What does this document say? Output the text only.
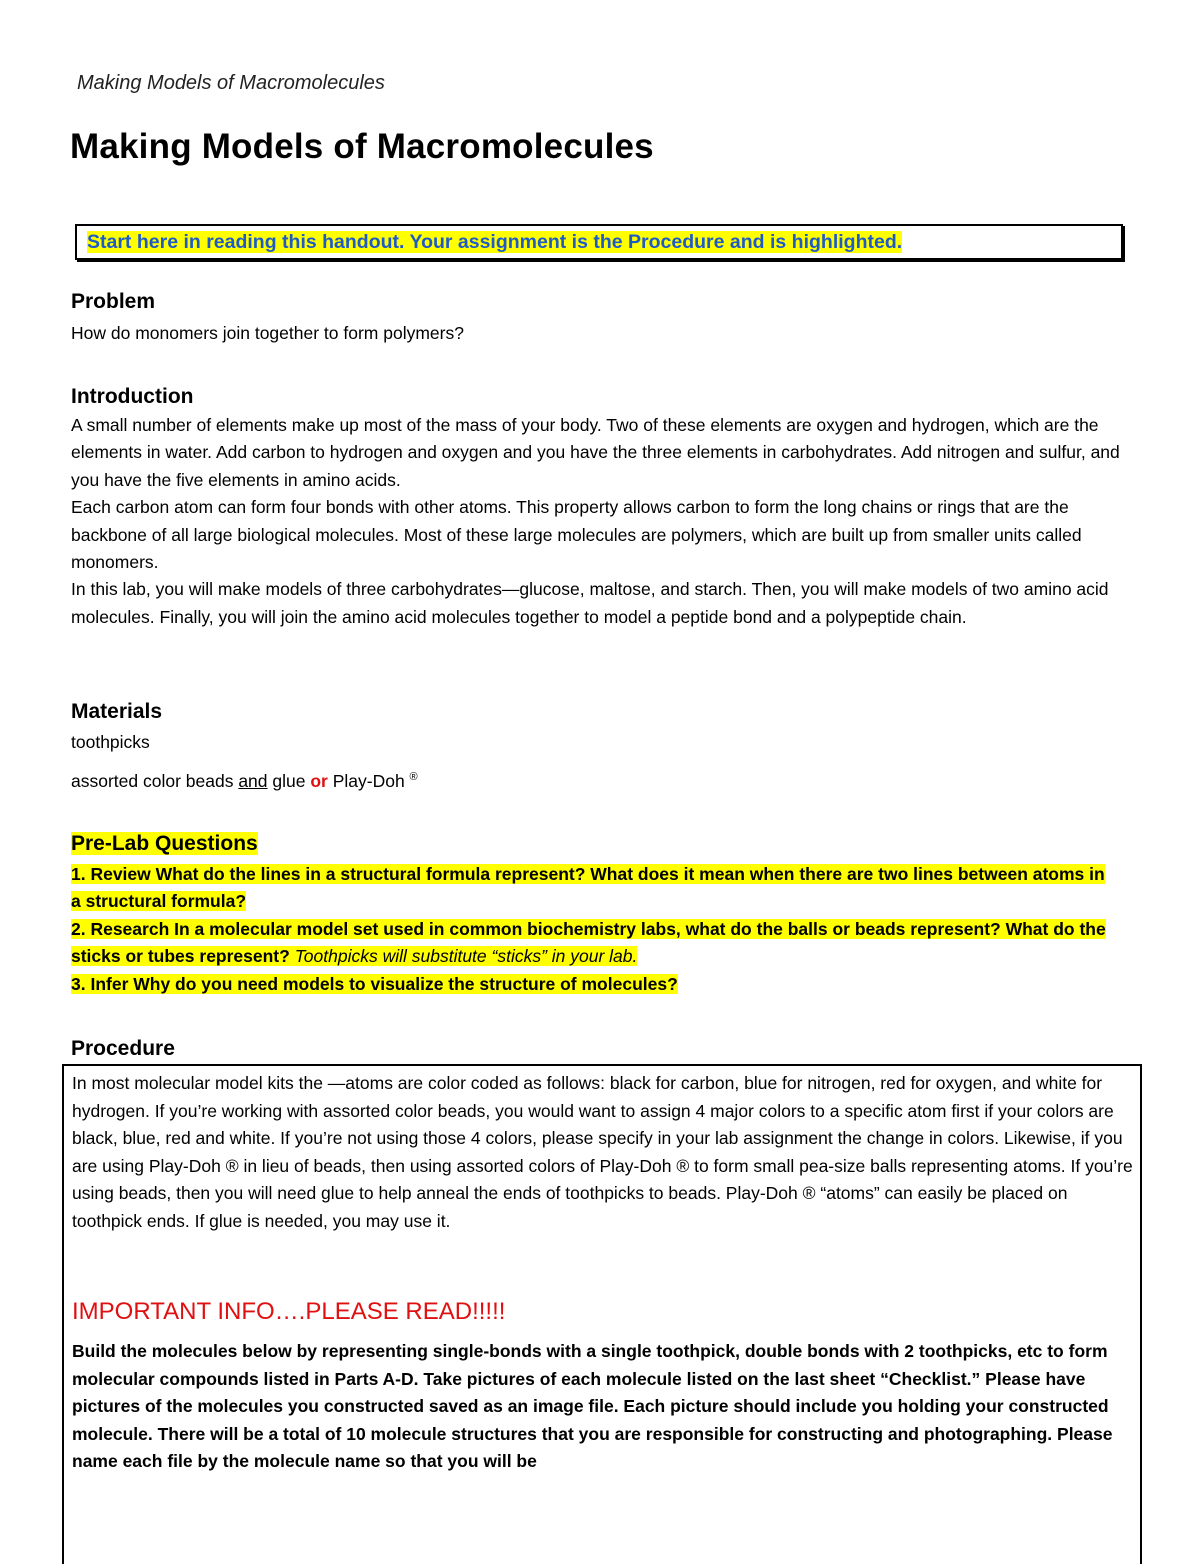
Making Models of Macromolecules
Making Models of Macromolecules
Start here in reading this handout. Your assignment is the Procedure and is highlighted.
Problem

How do monomers join together to form polymers?

Introduction
A small number of elements make up most of the mass of your body. Two of these elements are oxygen and hydrogen, which are the elements in water. Add carbon to hydrogen and oxygen and you have the three elements in carbohydrates. Add nitrogen and sulfur, and you have the five elements in amino acids.
Each carbon atom can form four bonds with other atoms. This property allows carbon to form the long chains or rings that are the backbone of all large biological molecules. Most of these large molecules are polymers, which are built up from smaller units called monomers.
In this lab, you will make models of three carbohydrates—glucose, maltose, and starch. Then, you will make models of two amino acid molecules. Finally, you will join the amino acid molecules together to model a peptide bond and a polypeptide chain.
Materials

toothpicks

assorted color beads and glue or Play-Doh ®

Pre-Lab Questions
1. Review What do the lines in a structural formula represent? What does it mean when there are two lines between atoms in a structural formula?
2. Research In a molecular model set used in common biochemistry labs, what do the balls or beads represent? What do the sticks or tubes represent? Toothpicks will substitute “sticks” in your lab.
3. Infer Why do you need models to visualize the structure of molecules?
Procedure

In most molecular model kits the —atoms are color coded as follows: black for carbon, blue for nitrogen, red for oxygen, and white for hydrogen. If you’re working with assorted color beads, you would want to assign 4 major colors to a specific atom first if your colors are black, blue, red and white. If you’re not using those 4 colors, please specify in your lab assignment the change in colors. Likewise, if you are using Play-Doh ® in lieu of beads, then using assorted colors of Play-Doh ® to form small pea-size balls representing atoms. If you’re using beads, then you will need glue to help anneal the ends of toothpicks to beads. Play-Doh ® “atoms” can easily be placed on toothpick ends. If glue is needed, you may use it.

IMPORTANT INFO….PLEASE READ!!!!!

Build the molecules below by representing single-bonds with a single toothpick, double bonds with 2 toothpicks, etc to form molecular compounds listed in Parts A-D. Take pictures of each molecule listed on the last sheet “Checklist.” Please have pictures of the molecules you constructed saved as an image file. Each picture should include you holding your constructed molecule. There will be a total of 10 molecule structures that you are responsible for constructing and photographing. Please name each file by the molecule name so that you will be
